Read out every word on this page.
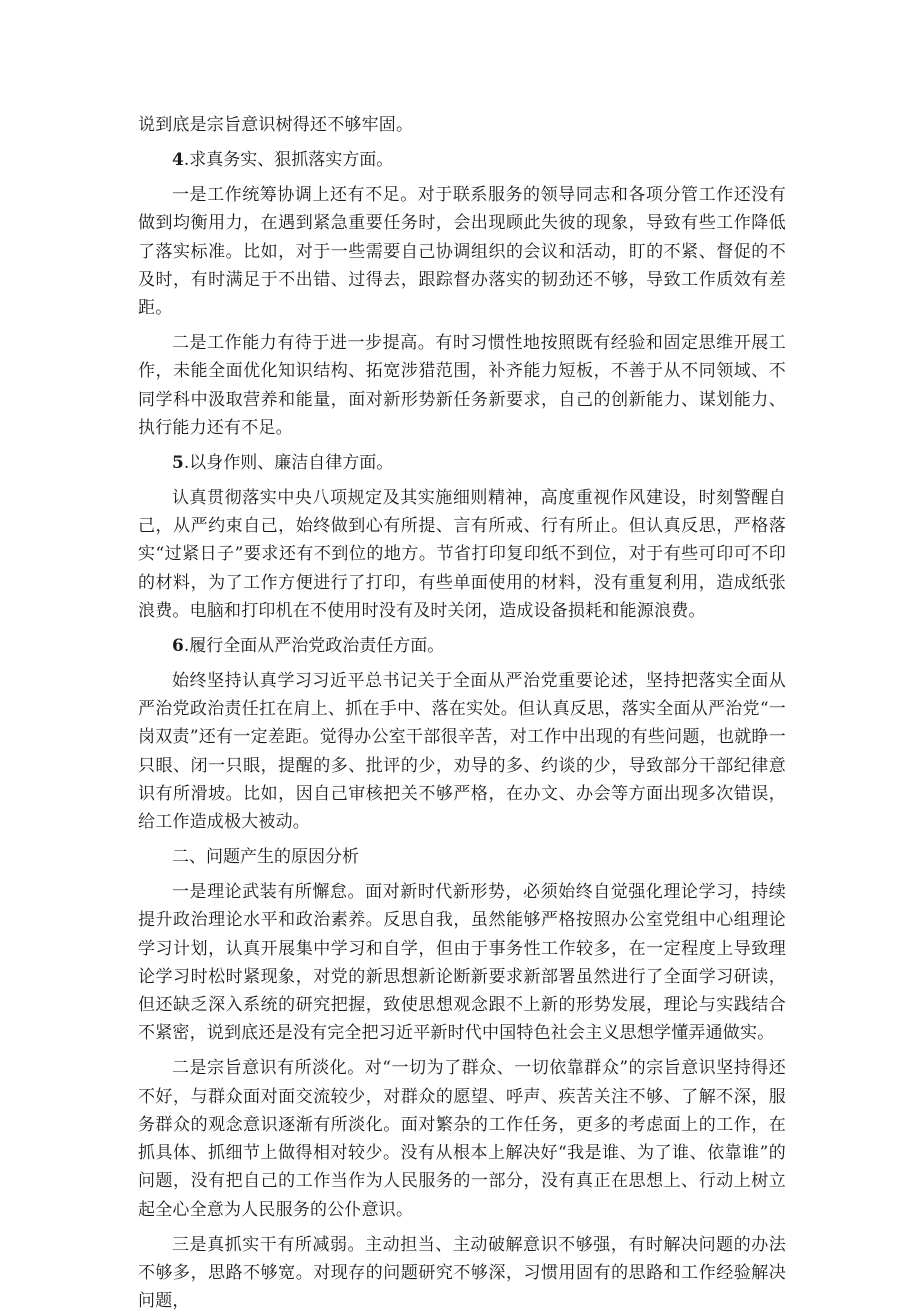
说到底是宗旨意识树得还不够牢固。

4.求真务实、狠抓落实方面。

一是工作统筹协调上还有不足。对于联系服务的领导同志和各项分管工作还没有做到均衡用力，在遇到紧急重要任务时，会出现顾此失彼的现象，导致有些工作降低了落实标准。比如，对于一些需要自己协调组织的会议和活动，盯的不紧、督促的不及时，有时满足于不出错、过得去，跟踪督办落实的韧劲还不够，导致工作质效有差距。

二是工作能力有待于进一步提高。有时习惯性地按照既有经验和固定思维开展工作，未能全面优化知识结构、拓宽涉猎范围，补齐能力短板，不善于从不同领域、不同学科中汲取营养和能量，面对新形势新任务新要求，自己的创新能力、谋划能力、执行能力还有不足。

5.以身作则、廉洁自律方面。

认真贯彻落实中央八项规定及其实施细则精神，高度重视作风建设，时刻警醒自己，从严约束自己，始终做到心有所提、言有所戒、行有所止。但认真反思，严格落实“过紧日子”要求还有不到位的地方。节省打印复印纸不到位，对于有些可印可不印的材料，为了工作方便进行了打印，有些单面使用的材料，没有重复利用，造成纸张浪费。电脑和打印机在不使用时没有及时关闭，造成设备损耗和能源浪费。

6.履行全面从严治党政治责任方面。

始终坚持认真学习习近平总书记关于全面从严治党重要论述，坚持把落实全面从严治党政治责任扛在肩上、抓在手中、落在实处。但认真反思，落实全面从严治党“一岗双责”还有一定差距。觉得办公室干部很辛苦，对工作中出现的有些问题，也就睁一只眼、闭一只眼，提醒的多、批评的少，劝导的多、约谈的少，导致部分干部纪律意识有所滑坡。比如，因自己审核把关不够严格，在办文、办会等方面出现多次错误，给工作造成极大被动。

二、问题产生的原因分析

一是理论武装有所懈怠。面对新时代新形势，必须始终自觉强化理论学习，持续提升政治理论水平和政治素养。反思自我，虽然能够严格按照办公室党组中心组理论学习计划，认真开展集中学习和自学，但由于事务性工作较多，在一定程度上导致理论学习时松时紧现象，对党的新思想新论断新要求新部署虽然进行了全面学习研读，但还缺乏深入系统的研究把握，致使思想观念跟不上新的形势发展，理论与实践结合不紧密，说到底还是没有完全把习近平新时代中国特色社会主义思想学懂弄通做实。

二是宗旨意识有所淡化。对“一切为了群众、一切依靠群众”的宗旨意识坚持得还不好，与群众面对面交流较少，对群众的愿望、呼声、疾苦关注不够、了解不深，服务群众的观念意识逐渐有所淡化。面对繁杂的工作任务，更多的考虑面上的工作，在抓具体、抓细节上做得相对较少。没有从根本上解决好“我是谁、为了谁、依靠谁”的问题，没有把自己的工作当作为人民服务的一部分，没有真正在思想上、行动上树立起全心全意为人民服务的公仆意识。

三是真抓实干有所减弱。主动担当、主动破解意识不够强，有时解决问题的办法不够多，思路不够宽。对现存的问题研究不够深，习惯用固有的思路和工作经验解决问题，
